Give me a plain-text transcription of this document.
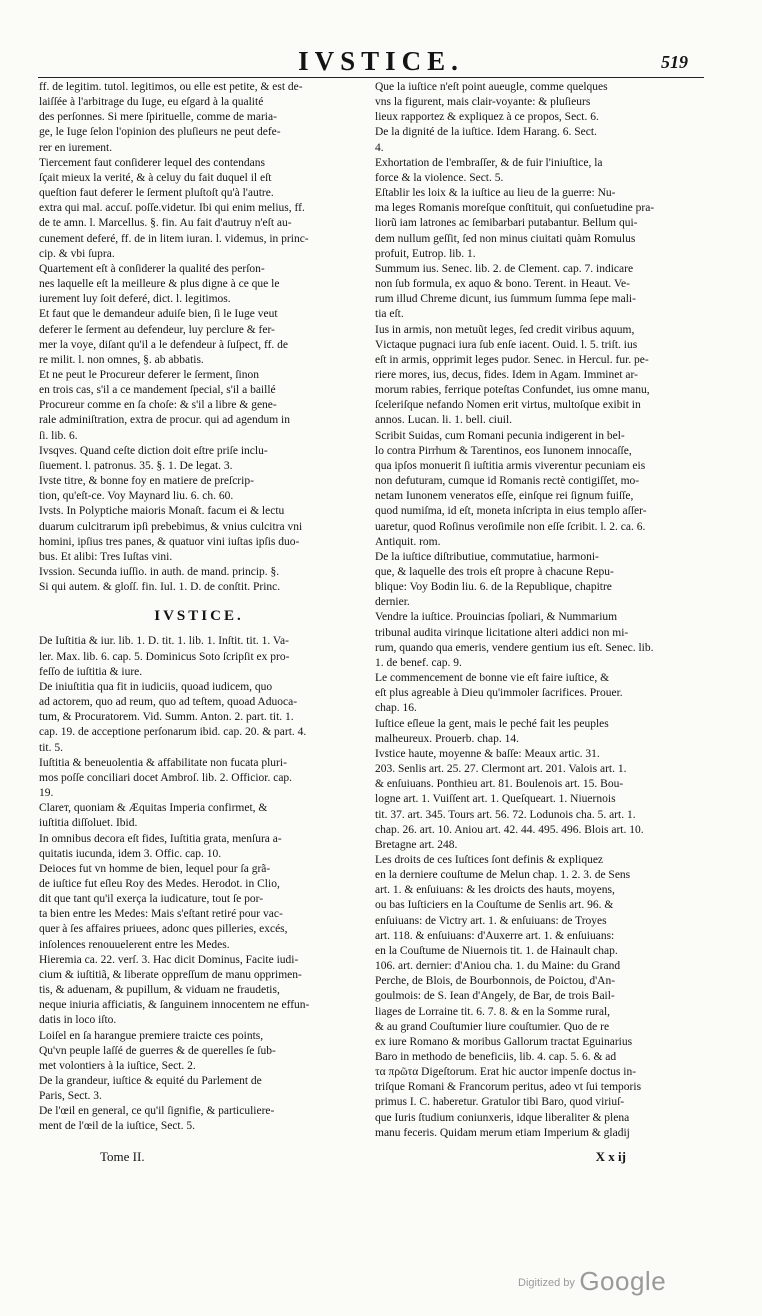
IVSTICE.	519
ff. de legitim. tutol. legitimos, ou elle est petite, & est de-
laiſſée à l'arbitrage du Iuge, eu eſgard à la qualité
des perſonnes. Si mere ſpirituelle, comme de mariа-
ge, le Iuge ſelon l'opinion des pluſieurs ne peut defe-
rer en iurement.
Tiercement faut conſiderer lequel des contendans
ſçait mieux la verité, & à celuy du fait duquel il eſt
queſtion faut deferer le ſerment pluſtoſt qu'à l'autre.
extra qui mal. accuſ. poſſe.videtur. Ibi qui enim melius, ff.
de te amn. l. Marcellus. §. fin. Au fait d'autruy n'eſt au-
cunement deferé, ff. de in litem iuran. l. videmus, in princ-
cip. & vbi ſupra.
Quartement eſt à conſiderer la qualité des perſon-
nes laquelle eſt la meilleure & plus digne à ce que le
iurement luy ſoit deferé, dict. l. legitimos.
Et faut que le demandeur aduiſe bien, ſi le Iuge veut
deferer le ſerment au defendeur, luy perclure & fer-
mer la voye, diſant qu'il a le defendeur à ſuſpect, ff. de
re milit. l. non omnes, §. ab abbatis.
Et ne peut le Procureur deferer le ſerment, ſinon
en trois cas, s'il a ce mandement ſpecial, s'il a baillé
Procureur comme en ſa choſe: & s'il a libre & gene-
rale adminiſtration, extra de procur. qui ad agendum in
ſi. lib. 6.
Ivsqves. Quand ceſte diction doit eſtre priſe inclu-
ſiuement. l. patronus. 35. §. 1. De legat. 3.
Ivste titre, & bonne foy en matiere de preſcrip-
tion, qu'eſt-ce. Voy Maynard liu. 6. ch. 60.
Ivsts. In Polyptiche maioris Monaſt. facum ei & lectu
duarum culcitrarum ipſi prebebimus, & vnius culcitra vni
homini, ipſius tres panes, & quatuor vini iuſtas ipſis duo-
bus. Et alibi: Tres Iuſtas vini.
Ivssion. Secunda iuſſio. in auth. de mand. princip. §.
Si qui autem. & gloſſ. fin. Iul. 1. D. de conſtit. Princ.
IVSTICE.
De Iuſtitia & iur. lib. 1. D. tit. 1. lib. 1. Inſtit. tit. 1. Va-
ler. Max. lib. 6. cap. 5. Dominicus Soto ſcripſit ex pro-
feſſo de iuſtitia & iure.
De iniuſtitia qua fit in iudiciis, quoad iudicem, quo
ad actorem, quo ad reum, quo ad teſtem, quoad Aduoca-
tum, & Procuratorem. Vid. Summ. Anton. 2. part. tit. 1.
cap. 19. de acceptione perſonarum ibid. cap. 20. & part. 4.
tit. 5.
Iuſtitia & beneuolentia & affabilitate non fucata pluri-
mos poſſe conciliari docet Ambroſ. lib. 2. Officior. cap.
19.
Clarет, quoniam & Æquitas Imperia confirmet, &
iuſtitia diſſoluet. Ibid.
In omnibus decora eſt fides, Iuſtitia grata, menſura a-
quitatis iucunda, idem 3. Offic. cap. 10.
Deioces fut vn homme de bien, lequel pour ſa grã-
de iuſtice fut eſleu Roy des Medes. Herodot. in Clio,
dit que tant qu'il exerça la iudicature, tout ſe por-
ta bien entre les Medes: Mais s'eſtant retiré pour vac-
quer à ſes affaires priuees, adonc ques pilleries, excés,
inſolences renouuelerent entre les Medes.
Hieremia ca. 22. verſ. 3. Hac dicit Dominus, Facite iudi-
cium & iuſtitiã, & liberate oppreſſum de manu opprimen-
tis, & aduenam, & pupillum, & viduam ne fraudetis,
neque iniuria afficiatis, & ſanguinem innocentem ne effun-
datis in loco iſto.
Loiſel en ſa harangue premiere traicte ces points,
Qu'vn peuple laſſé de guerres & de querelles ſe ſub-
met volontiers à la iuſtice, Sect. 2.
De la grandeur, iuſtice & equité du Parlement de
Paris, Sect. 3.
De l'œil en general, ce qu'il ſignifie, & particuliere-
ment de l'œil de la iuſtice, Sect. 5.
Que la iuſtice n'eſt point aueugle, comme quelques
vns la figurent, mais clair-voyante: & pluſieurs
lieux rapportez & expliquez à ce propos, Sect. 6.
De la dignité de la iuſtice. Idem Harang. 6. Sect.
4.
Exhortation de l'embraſſer, & de fuir l'iniuſtice, la
force & la violence. Sect. 5.
Eſtablir les loix & la iuſtice au lieu de la guerre: Nu-
ma leges Romanis moreſque conſtituit, qui conſuetudine pra-
liorũ iam latrones ac ſemibarbari putabantur. Bellum qui-
dem nullum geſſit, ſed non minus ciuitati quàm Romulus
profuit, Eutrop. lib. 1.
Summum ius. Senec. lib. 2. de Clement. cap. 7. indicare
non ſub formula, ex aquo & bono. Terent. in Heaut. Ve-
rum illud Chreme dicunt, ius ſummum ſumma ſepe mali-
tia eſt.
Ius in armis, non metuũt leges, ſed credit viribus aquum,
Vіctaque pugnaci iura ſub enſe iacent. Ouid. l. 5. triſt. ius
eſt in armis, opprimit leges pudor. Senec. in Hercul. fur. pe-
riere mores, ius, decus, fides. Idem in Agam. Imminet ar-
morum rabies, ferrique poteſtas Confundet, ius omne manu,
ſceleriſque nefando Nomen erit virtus, multoſque exibit in
annos. Lucan. li. 1. bell. ciuil.
Scribit Suidas, cum Romani pecunia indigerent in bel-
lo contra Pirrhum & Tarentinos, eos Iunonem innocaſſe,
qua ipſos monuerit ſi iuſtitia armis viverentur pecuniam eis
non defuturam, cumque id Romanis rectè contigiſſet, mo-
netam Iunonem veneratos eſſe, einſque rei ſignum fuiſſe,
quod numiſma, id eſt, moneta inſcripta in eius templo aſſer-
uaretur, quod Roſinus veroſimile non eſſe ſcribit. l. 2. ca. 6.
Antiquit. rom.
De la iuſtice diſtributiue, commutatiue, harmoni-
que, & laquelle des trois eſt propre à chacune Repu-
blique: Voy Bodin liu. 6. de la Republique, chapitre
dernier.
Vendre la iuſtice. Prouincias ſpoliari, & Nummarium
tribunal audita virinque licitatione alteri addici non mi-
rum, quando qua emeris, vendere gentium ius eſt. Senec. lib.
1. de benef. cap. 9.
Le commencement de bonne vie eſt faire iuſtice, &
eſt plus agreable à Dieu qu'immoler ſacrifices. Prouer.
chap. 16.
Iuſtice eſleue la gent, mais le peché fait les peuples
malheureux. Prouerb. chap. 14.
Ivstice haute, moyenne & baſſe: Meaux artic. 31.
203. Senlis art. 25. 27. Clermont art. 201. Valois art. 1.
& enſuiuans. Ponthieu art. 81. Boulenois art. 15. Bou-
logne art. 1. Vuiſſent art. 1. Queſqueart. 1. Niuernois
tit. 37. art. 345. Tours art. 56. 72. Lodunois cha. 5. art. 1.
chap. 26. art. 10. Aniou art. 42. 44. 495. 496. Blois art. 10.
Bretagne art. 248.
Les droits de ces Iuſtices ſont definis & expliquez
en la derniere couſtume de Melun chap. 1. 2. 3. de Sens
art. 1. & enſuiuans: & les droicts des hauts, moyens,
ou bas Iuſticiers en la Couſtume de Senlis art. 96. &
enſuiuans: de Victry art. 1. & enſuiuans: de Troyes
art. 118. & enſuiuans: d'Auxerre art. 1. & enſuiuans:
en la Couſtume de Niuernois tit. 1. de Hainault chap.
106. art. dernier: d'Aniou cha. 1. du Maine: du Grand
Perche, de Blois, de Bourbonnois, de Poictou, d'An-
goulmois: de S. Iean d'Angely, de Bar, de trois Bail-
liages de Lorraine tit. 6. 7. 8. & en la Somme rural,
& au grand Couſtumier liure couſtumier. Quo de re
ex iure Romano & moribus Gallorum tractat Eguinarius
Baro in methodo de beneficiis, lib. 4. cap. 5. 6. & ad
τα πρῶτα Digeſtorum. Erat hic auctor impenſe doctus in-
triſque Romani & Francorum peritus, adeo vt ſui temporis
primus I. C. haberetur. Gratulor tibi Baro, quod viriuſ-
que Iuris ſtudium coniunxeris, idque liberaliter & plena
manu feceris. Quidam merum etiam Imperium & gladij
Tome II.	X x ij
$^{Digitized by}$ Google
